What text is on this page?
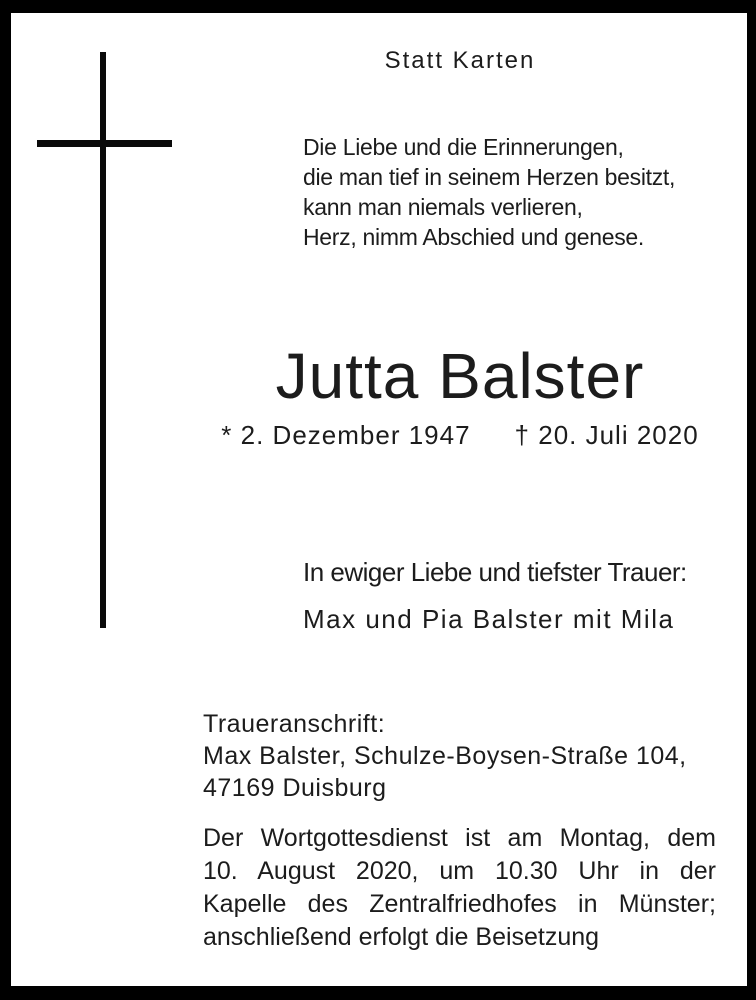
Statt Karten
Die Liebe und die Erinnerungen,
die man tief in seinem Herzen besitzt,
kann man niemals verlieren,
Herz, nimm Abschied und genese.
Jutta Balster
* 2. Dezember 1947 † 20. Juli 2020
In ewiger Liebe und tiefster Trauer:
Max und Pia Balster mit Mila
Traueranschrift:
Max Balster, Schulze-Boysen-Straße 104,
47169 Duisburg
Der Wortgottesdienst ist am Montag, dem
10. August 2020, um 10.30 Uhr in der
Kapelle des Zentralfriedhofes in Münster;
anschließend erfolgt die Beisetzung
